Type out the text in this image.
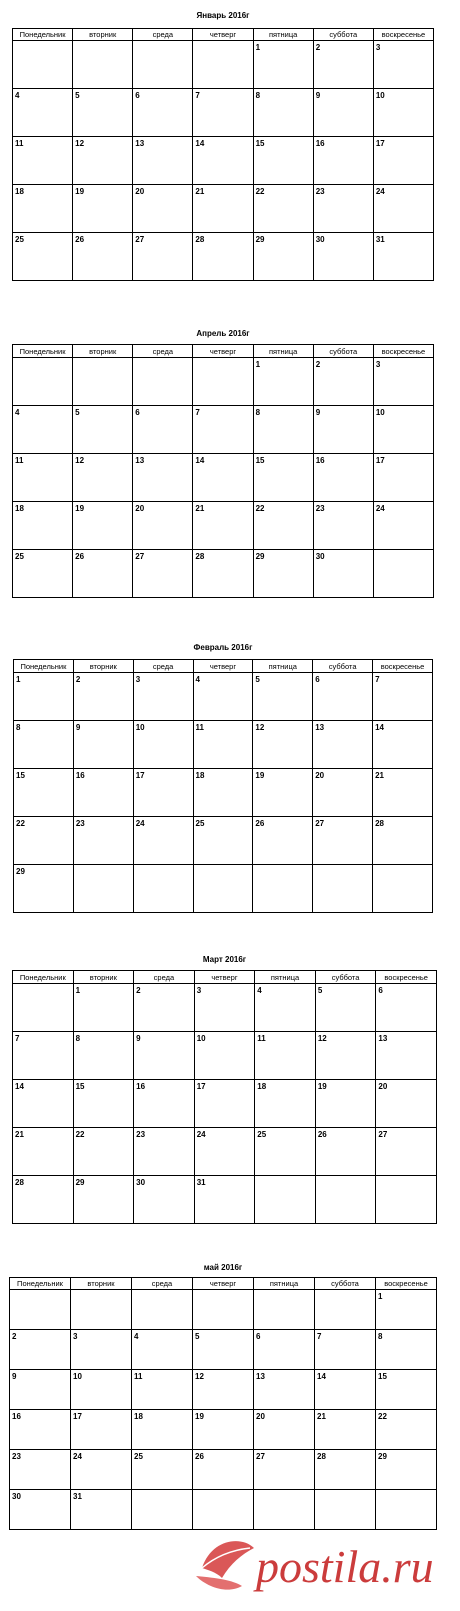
Январь 2016г
Понедельник	вторник	среда	четверг	пятница	суббота	воскресенье
				1	2	3
4	5	6	7	8	9	10
11	12	13	14	15	16	17
18	19	20	21	22	23	24
25	26	27	28	29	30	31
Апрель 2016г
Понедельник	вторник	среда	четверг	пятница	суббота	воскресенье
				1	2	3
4	5	6	7	8	9	10
11	12	13	14	15	16	17
18	19	20	21	22	23	24
25	26	27	28	29	30	
Февраль 2016г
Понедельник	вторник	среда	четверг	пятница	суббота	воскресенье
1	2	3	4	5	6	7
8	9	10	11	12	13	14
15	16	17	18	19	20	21
22	23	24	25	26	27	28
29						
Март 2016г
Понедельник	вторник	среда	четверг	пятница	суббота	воскресенье
	1	2	3	4	5	6
7	8	9	10	11	12	13
14	15	16	17	18	19	20
21	22	23	24	25	26	27
28	29	30	31			
май 2016г
Понедельник	вторник	среда	четверг	пятница	суббота	воскресенье
						1
2	3	4	5	6	7	8
9	10	11	12	13	14	15
16	17	18	19	20	21	22
23	24	25	26	27	28	29
30	31					
postila.ru
